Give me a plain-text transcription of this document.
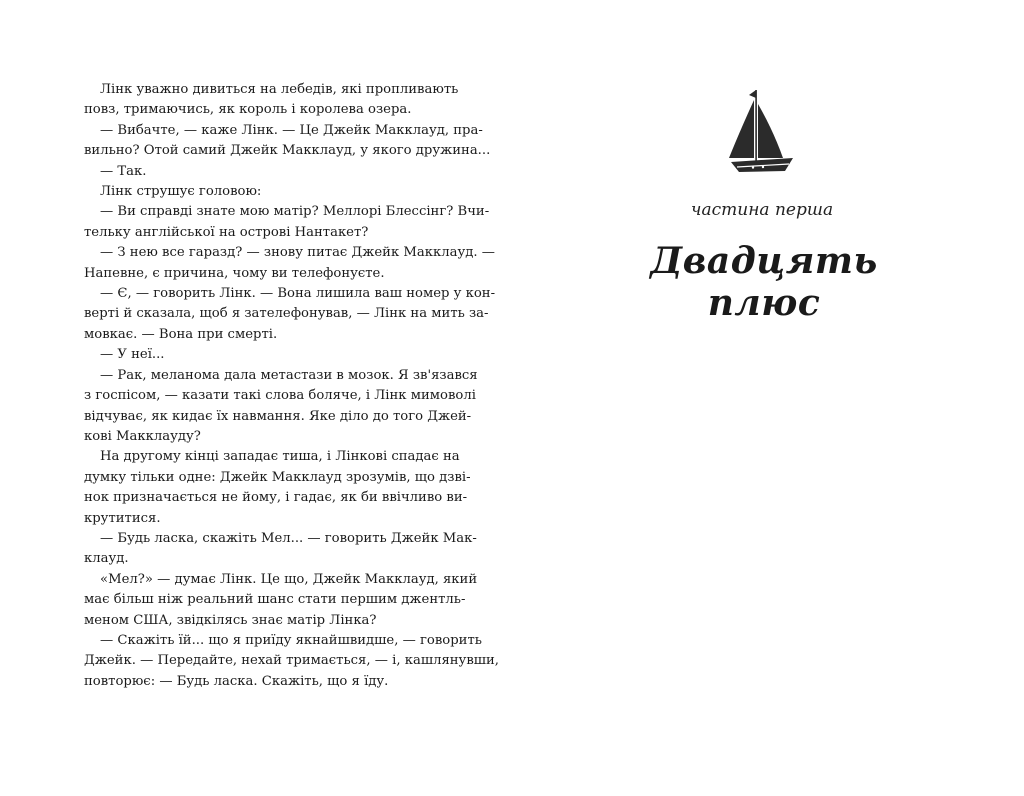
Лінк уважно дивиться на лебедів, які пропливають
повз, тримаючись, як король і королева озера.
— Вибачте, — каже Лінк. — Це Джейк Макклауд, пра-
вильно? Отой самий Джейк Макклауд, у якого дружина...
— Так.
Лінк струшує головою:
— Ви справді знате мою матір? Меллорі Блессінг? Вчи-
тельку англійської на острові Нантакет?
— З нею все гаразд? — знову питає Джейк Макклауд. —
Напевне, є причина, чому ви телефонуєте.
— Є, — говорить Лінк. — Вона лишила ваш номер у кон-
верті й сказала, щоб я зателефонував, — Лінк на мить за-
мовкає. — Вона при смерті.
— У неї...
— Рак, меланома дала метастази в мозок. Я зв'язався
з госпісом, — казати такі слова боляче, і Лінк мимоволі
відчуває, як кидає їх навмання. Яке діло до того Джей-
кові Макклауду?
На другому кінці западає тиша, і Лінкові спадає на
думку тільки одне: Джейк Макклауд зрозумів, що дзві-
нок призначається не йому, і гадає, як би ввічливо ви-
крутитися.
— Будь ласка, скажіть Мел... — говорить Джейк Мак-
клауд.
«Мел?» — думає Лінк. Це що, Джейк Макклауд, який
має більш ніж реальний шанс стати першим джентль-
меном США, звідкілясь знає матір Лінка?
— Скажіть їй... що я приїду якнайшвидше, — говорить
Джейк. — Передайте, нехай тримається, — і, кашлянувши,
повторює: — Будь ласка. Скажіть, що я їду.
частина перша
Двадцять плюс
